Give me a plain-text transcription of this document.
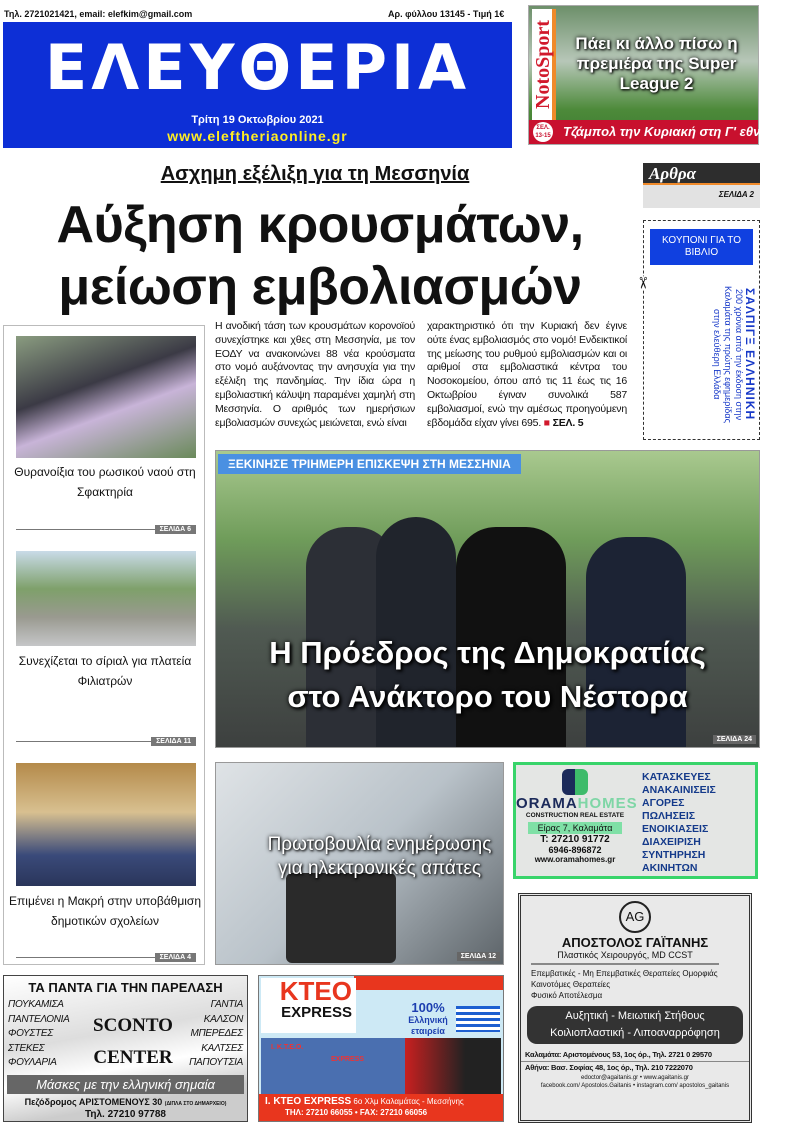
Τηλ. 2721021421, email: elefkim@gmail.com	Αρ. φύλλου 13145 - Τιμή 1€
ΕΛΕΥΘΕΡΙΑ
Τρίτη 19 Οκτωβρίου 2021
www.eleftheriaonline.gr
NotoSport	Πάει κι άλλο πίσω η πρεμιέρα της Super League 2
ΣΕΛ. 13-15 Τζάμπολ την Κυριακή στη Γ' εθνική
Ασχημη εξέλιξη για τη Μεσσηνία
Αύξηση κρουσμάτων,
μείωση εμβολιασμών
Αρθρα
ΣΕΛΙΔΑ 2
✂
ΚΟΥΠΟΝΙ ΓΙΑ ΤΟ ΒΙΒΛΙΟ
ΣΑΛΠΙΓΞ ΕΛΛΗΝΙΚΗ
200 χρόνια από την έκδοση στην Καλαμάτα της πρώτης εφημερίδας στην ελεύθερη Ελλάδα
Θυρανοίξια του ρωσικού ναού στη Σφακτηρία
ΣΕΛΙΔΑ 6
Συνεχίζεται το σίριαλ για πλατεία Φιλιατρών
ΣΕΛΙΔΑ 11
Επιμένει η Μακρή στην υποβάθμιση δημοτικών σχολείων
ΣΕΛΙΔΑ 4

Η ανοδική τάση των κρουσμάτων κορονοϊού συνεχίστηκε και χθες στη Μεσσηνία, με τον ΕΟΔΥ να ανακοινώνει 88 νέα κρούσματα στο νομό αυξάνοντας την ανησυχία για την εξέλιξη της πανδημίας. Την ίδια ώρα η εμβολιαστική κάλυψη παραμένει χαμηλή στη Μεσσηνία. Ο αριθμός των ημερήσιων εμβολιασμών συνεχώς μειώνεται, ενώ είναι

χαρακτηριστικό ότι την Κυριακή δεν έγινε ούτε ένας εμβολιασμός στο νομό! Ενδεικτικοί της μείωσης του ρυθμού εμβολιασμών και οι αριθμοί στα εμβολιαστικά κέντρα του Νοσοκομείου, όπου από τις 11 έως τις 16 Οκτωβρίου έγιναν συνολικά 587 εμβολιασμοί, ενώ την αμέσως προηγούμενη εβδομάδα είχαν γίνει 695. ■ ΣΕΛ. 5

ΞΕΚΙΝΗΣΕ ΤΡΙΗΜΕΡΗ ΕΠΙΣΚΕΨΗ ΣΤΗ ΜΕΣΣΗΝΙΑ
Η Πρόεδρος της Δημοκρατίας
στο Ανάκτορο του Νέστορα
ΣΕΛΙΔΑ 24
Πρωτοβουλία ενημέρωσης για ηλεκτρονικές απάτες
ΣΕΛΙΔΑ 12
ORAMAHOMES
CONSTRUCTION REAL ESTATE
Είρας 7, Καλαμάτα
T: 27210 91772
6946-896872
www.oramahomes.gr
ΚΑΤΑΣΚΕΥΕΣ
ΑΝΑΚΑΙΝΙΣΕΙΣ
ΑΓΟΡΕΣ
ΠΩΛΗΣΕΙΣ
ΕΝΟΙΚΙΑΣΕΙΣ
ΔΙΑΧΕΙΡΙΣΗ ΣΥΝΤΗΡΗΣΗ ΑΚΙΝΗΤΩΝ
AG
ΑΠΟΣΤΟΛΟΣ ΓΑΪΤΑΝΗΣ
Πλαστικός Χειρουργός, MD CCST
Επεμβατικές - Μη Επεμβατικές Θεραπείες Ομορφιάς
Καινοτόμες Θεραπείες
Φυσικό Αποτέλεσμα
Αυξητική - Μειωτική Στήθους
Κοιλιοπλαστική - Λιποαναρρόφηση
Καλαμάτα: Αριστομένους 53, 1ος όρ., Τηλ. 2721 0 29570
Αθήνα: Βασ. Σοφίας 48, 1ος όρ., Τηλ. 210 7222070
edoctor@agaitanis.gr • www.agaitanis.gr
facebook.com/ Apostolos.Gaitanis • instagram.com/ apostolos_gaitanis
ΤΑ ΠΑΝΤΑ ΓΙΑ ΤΗΝ ΠΑΡΕΛΑΣΗ
ΠΟΥΚΑΜΙΣΑ
ΠΑΝΤΕΛΟΝΙΑ
ΦΟΥΣΤΕΣ
ΣΤΕΚΕΣ
ΦΟΥΛΑΡΙΑ
SCONTO
CENTER
ΓΑΝΤΙΑ
ΚΑΛΣΟΝ
ΜΠΕΡΕΔΕΣ
ΚΑΛΤΣΕΣ
ΠΑΠΟΥΤΣΙΑ
Μάσκες με την ελληνική σημαία
Πεζόδρομος ΑΡΙΣΤΟΜΕΝΟΥΣ 30 (ΔΙΠΛΑ ΣΤΟ ΔΗΜΑΡΧΕΙΟ)
Τηλ. 27210 97788
KTEO
EXPRESS	100%
Ελληνική εταιρεία
Ι. Κ.Τ.Ε.Ο.
EXPRESS
Ι. KTEO EXPRESS 6ο Χλμ Καλαμάτας - Μεσσήνης
ΤΗΛ: 27210 66055 • FAX: 27210 66056
